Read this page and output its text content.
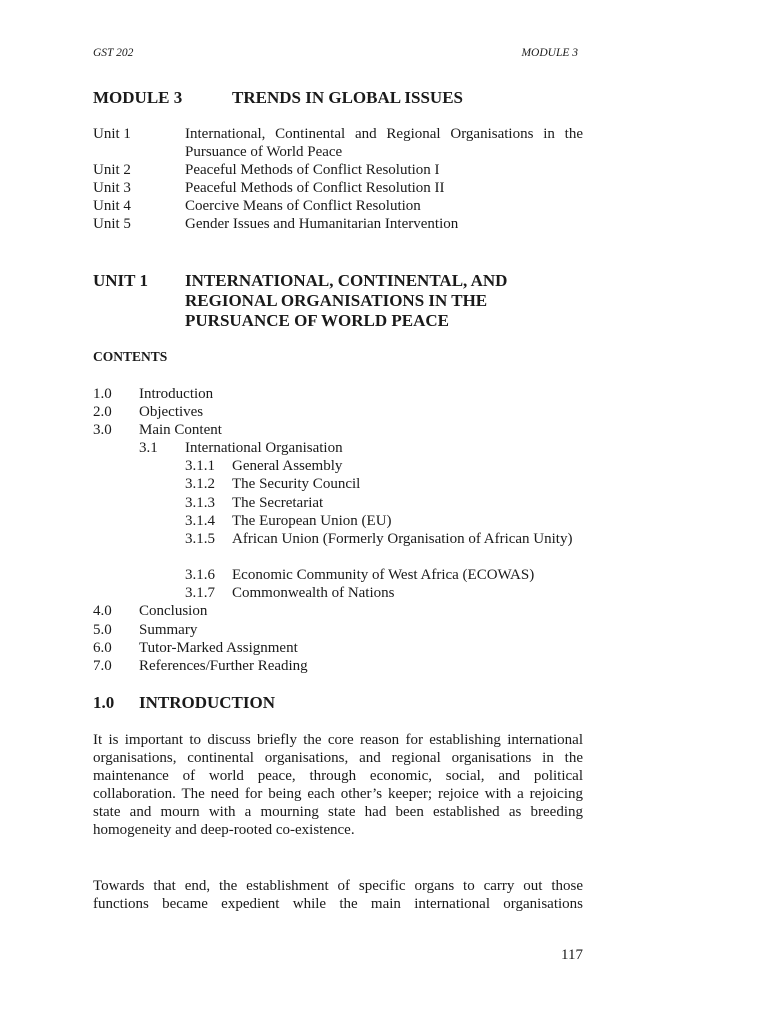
GST 202	MODULE 3
MODULE 3	TRENDS IN GLOBAL ISSUES
Unit 1	International, Continental and Regional Organisations in the Pursuance of World Peace
Unit 2	Peaceful Methods of Conflict Resolution I
Unit 3	Peaceful Methods of Conflict Resolution II
Unit 4	Coercive Means of Conflict Resolution
Unit 5	Gender Issues and Humanitarian Intervention
UNIT 1 INTERNATIONAL, CONTINENTAL, AND
REGIONAL ORGANISATIONS IN THE
PURSUANCE OF WORLD PEACE
CONTENTS
1.0 Introduction
2.0 Objectives
3.0 Main Content
3.1 International Organisation
3.1.1 General Assembly
3.1.2 The Security Council
3.1.3 The Secretariat
3.1.4 The European Union (EU)
3.1.5 African Union (Formerly Organisation of African Unity)
3.1.6 Economic Community of West Africa (ECOWAS)
3.1.7 Commonwealth of Nations
4.0 Conclusion
5.0 Summary
6.0 Tutor-Marked Assignment
7.0 References/Further Reading
1.0 INTRODUCTION
It is important to discuss briefly the core reason for establishing international organisations, continental organisations, and regional organisations in the maintenance of world peace, through economic, social, and political collaboration. The need for being each other’s keeper; rejoice with a rejoicing state and mourn with a mourning state had been established as breeding homogeneity and deep-rooted co-existence.
Towards that end, the establishment of specific organs to carry out those functions became expedient while the main international organisations
117
